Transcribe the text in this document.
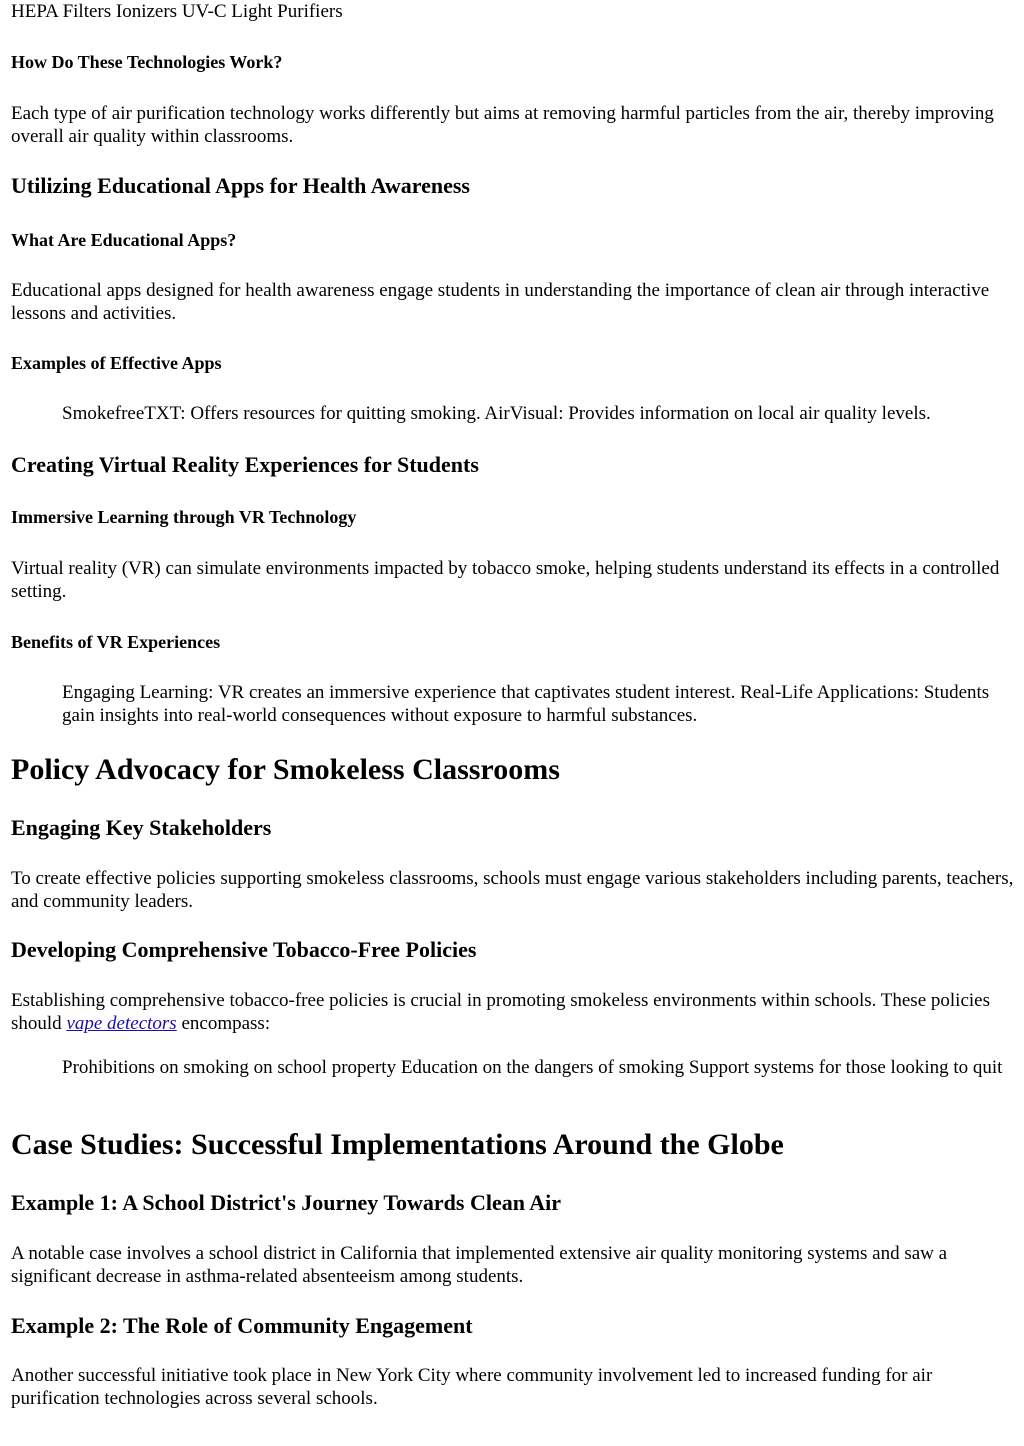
HEPA Filters Ionizers UV-C Light Purifiers

How Do These Technologies Work?

Each type of air purification technology works differently but aims at removing harmful particles from the air, thereby improving overall air quality within classrooms.

Utilizing Educational Apps for Health Awareness
What Are Educational Apps?

Educational apps designed for health awareness engage students in understanding the importance of clean air through interactive lessons and activities.

Examples of Effective Apps

SmokefreeTXT: Offers resources for quitting smoking. AirVisual: Provides information on local air quality levels.

Creating Virtual Reality Experiences for Students
Immersive Learning through VR Technology

Virtual reality (VR) can simulate environments impacted by tobacco smoke, helping students understand its effects in a controlled setting.

Benefits of VR Experiences

Engaging Learning: VR creates an immersive experience that captivates student interest. Real-Life Applications: Students gain insights into real-world consequences without exposure to harmful substances.

Policy Advocacy for Smokeless Classrooms
Engaging Key Stakeholders

To create effective policies supporting smokeless classrooms, schools must engage various stakeholders including parents, teachers, and community leaders.

Developing Comprehensive Tobacco-Free Policies

Establishing comprehensive tobacco-free policies is crucial in promoting smokeless environments within schools. These policies should vape detectors encompass:

Prohibitions on smoking on school property Education on the dangers of smoking Support systems for those looking to quit

Case Studies: Successful Implementations Around the Globe
Example 1: A School District's Journey Towards Clean Air

A notable case involves a school district in California that implemented extensive air quality monitoring systems and saw a significant decrease in asthma-related absenteeism among students.

Example 2: The Role of Community Engagement

Another successful initiative took place in New York City where community involvement led to increased funding for air purification technologies across several schools.
